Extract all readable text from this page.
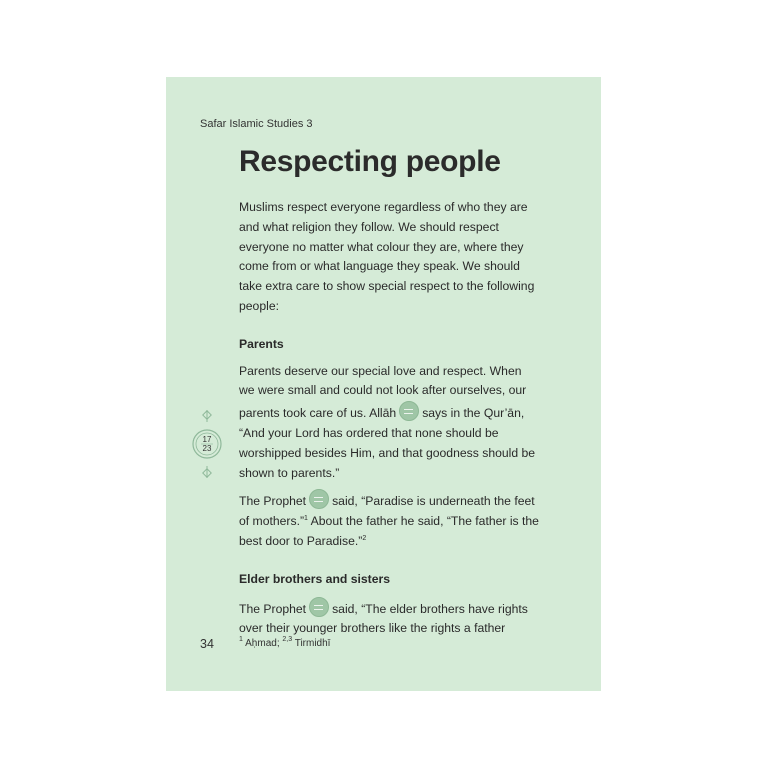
Safar Islamic Studies 3
Respecting people
17
23

Muslims respect everyone regardless of who they are and what religion they follow. We should respect everyone no matter what colour they are, where they come from or what language they speak. We should take extra care to show special respect to the following people:

Parents

Parents deserve our special love and respect. When we were small and could not look after ourselves, our parents took care of us. Allāh says in the Qur’ān, “And your Lord has ordered that none should be worshipped besides Him, and that goodness should be shown to parents.”

The Prophet said, “Paradise is underneath the feet of mothers.”$^1$ About the father he said, “The father is the best door to Paradise.”$^2$

Elder brothers and sisters

The Prophet said, “The elder brothers have rights over their younger brothers like the rights a father

34	$^1$ Aḥmad; $^{2,3}$ Tirmidhī
